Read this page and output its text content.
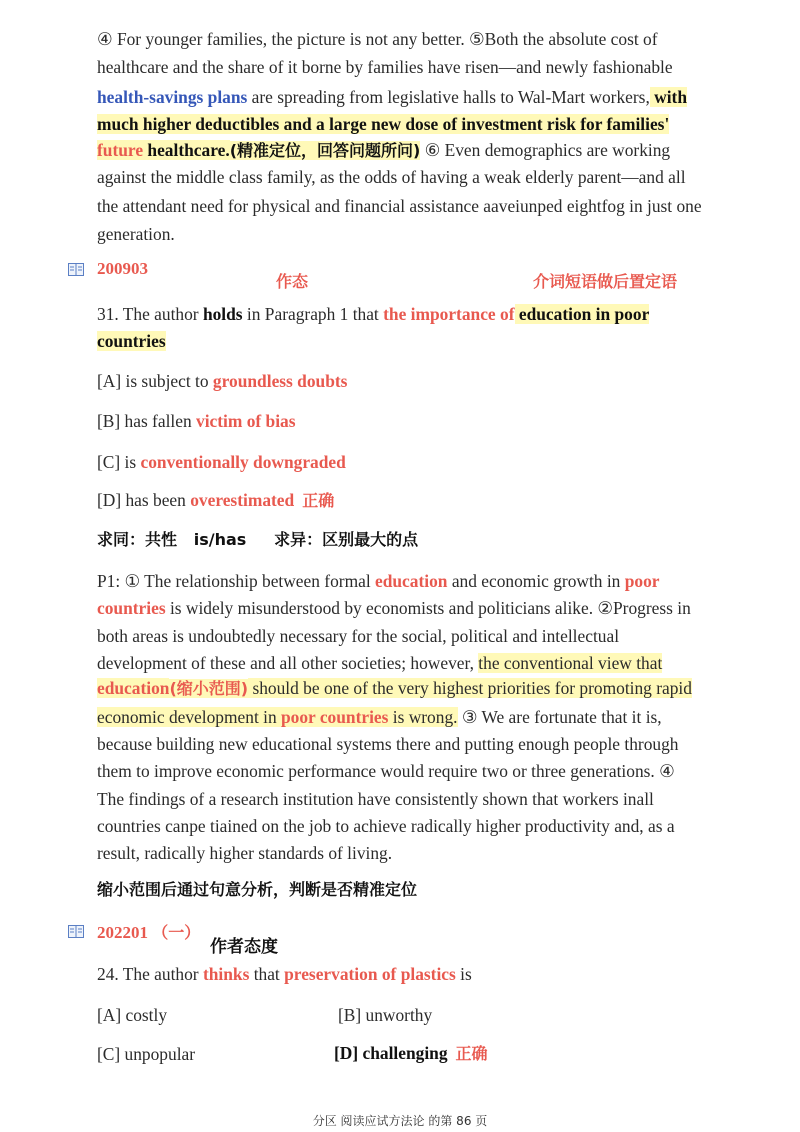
④ For younger families, the picture is not any better. ⑤Both the absolute cost of
healthcare and the share of it borne by families have risen—and newly fashionable
health-savings plans are spreading from legislative halls to Wal-Mart workers, with
much higher deductibles and a large new dose of investment risk for families'
future healthcare.(精准定位，回答问题所问) ⑥ Even demographics are working
against the middle class family, as the odds of having a weak elderly parent—and all
the attendant need for physical and financial assistance aaveiunped eightfog in just one
generation.
200903
作态	介词短语做后置定语
31. The author holds in Paragraph 1 that the importance of education in poor
countries
[A] is subject to groundless doubts
[B] has fallen victim of bias
[C] is conventionally downgraded
[D] has been overestimated 正确
求同：共性   is/has     求异：区别最大的点
P1: ① The relationship between formal education and economic growth in poor
countries is widely misunderstood by economists and politicians alike. ②Progress in
both areas is undoubtedly necessary for the social, political and intellectual
development of these and all other societies; however, the conventional view that
education(缩小范围) should be one of the very highest priorities for promoting rapid
economic development in poor countries is wrong. ③ We are fortunate that it is,
because building new educational systems there and putting enough people through
them to improve economic performance would require two or three generations. ④
The findings of a research institution have consistently shown that workers inall
countries canpe tiained on the job to achieve radically higher productivity and, as a
result, radically higher standards of living.
缩小范围后通过句意分析，判断是否精准定位
202201 （一）
作者态度
24. The author thinks that preservation of plastics is
[A] costly	[B] unworthy
[C] unpopular	[D] challenging 正确
分区 阅读应试方法论 的第 86 页
